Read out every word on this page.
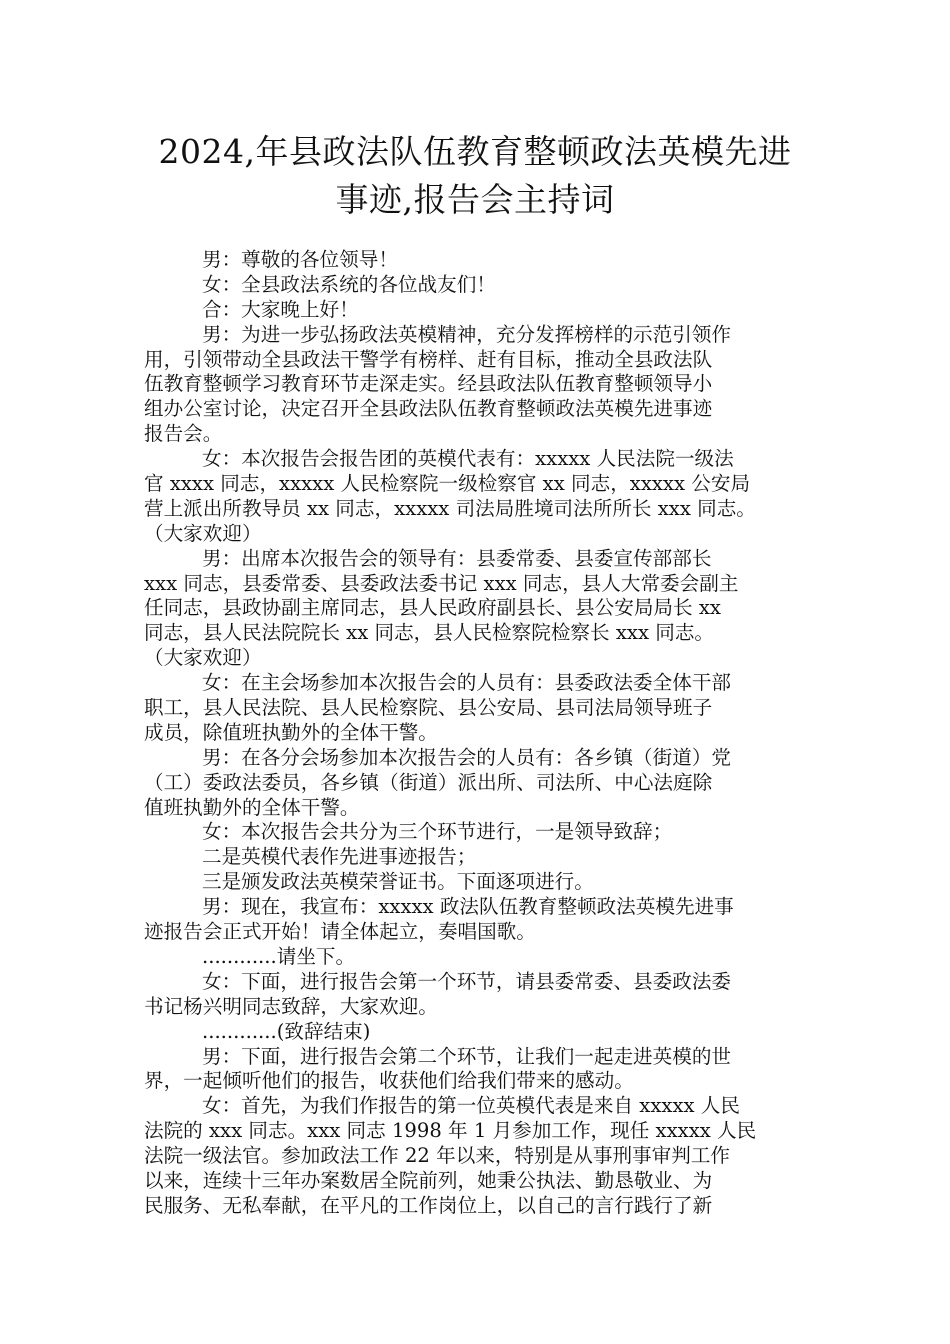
2024,年县政法队伍教育整顿政法英模先进
事迹,报告会主持词
男：尊敬的各位领导！
女：全县政法系统的各位战友们！
合：大家晚上好！
男：为进一步弘扬政法英模精神，充分发挥榜样的示范引领作
用，引领带动全县政法干警学有榜样、赶有目标，推动全县政法队
伍教育整顿学习教育环节走深走实。经县政法队伍教育整顿领导小
组办公室讨论，决定召开全县政法队伍教育整顿政法英模先进事迹
报告会。
女：本次报告会报告团的英模代表有：xxxxx 人民法院一级法
官 xxxx 同志，xxxxx 人民检察院一级检察官 xx 同志，xxxxx 公安局
营上派出所教导员 xx 同志，xxxxx 司法局胜境司法所所长 xxx 同志。
（大家欢迎）
男：出席本次报告会的领导有：县委常委、县委宣传部部长
xxx 同志，县委常委、县委政法委书记 xxx 同志，县人大常委会副主
任同志，县政协副主席同志，县人民政府副县长、县公安局局长 xx
同志，县人民法院院长 xx 同志，县人民检察院检察长 xxx 同志。
（大家欢迎）
女：在主会场参加本次报告会的人员有：县委政法委全体干部
职工，县人民法院、县人民检察院、县公安局、县司法局领导班子
成员，除值班执勤外的全体干警。
男：在各分会场参加本次报告会的人员有：各乡镇（街道）党
（工）委政法委员，各乡镇（街道）派出所、司法所、中心法庭除
值班执勤外的全体干警。
女：本次报告会共分为三个环节进行，一是领导致辞；
二是英模代表作先进事迹报告；
三是颁发政法英模荣誉证书。下面逐项进行。
男：现在，我宣布：xxxxx 政法队伍教育整顿政法英模先进事
迹报告会正式开始！请全体起立，奏唱国歌。
............请坐下。
女：下面，进行报告会第一个环节，请县委常委、县委政法委
书记杨兴明同志致辞，大家欢迎。
............(致辞结束)
男：下面，进行报告会第二个环节，让我们一起走进英模的世
界，一起倾听他们的报告，收获他们给我们带来的感动。
女：首先，为我们作报告的第一位英模代表是来自 xxxxx 人民
法院的 xxx 同志。xxx 同志 1998 年 1 月参加工作，现任 xxxxx 人民
法院一级法官。参加政法工作 22 年以来，特别是从事刑事审判工作
以来，连续十三年办案数居全院前列，她秉公执法、勤恳敬业、为
民服务、无私奉献，在平凡的工作岗位上，以自己的言行践行了新
